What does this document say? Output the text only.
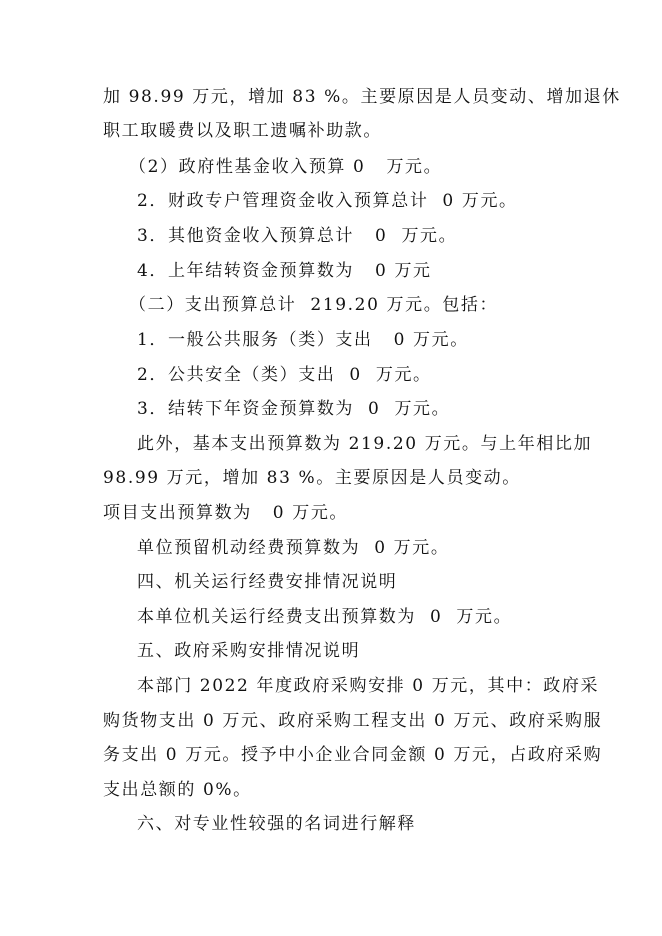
加 98.99 万元，增加 83 %。主要原因是人员变动、增加退休
职工取暖费以及职工遗嘱补助款。
（2）政府性基金收入预算 0   万元。
2．财政专户管理资金收入预算总计  0 万元。
3．其他资金收入预算总计   0  万元。
4．上年结转资金预算数为   0 万元
（二）支出预算总计  219.20 万元。包括：
1．一般公共服务（类）支出   0 万元。
2．公共安全（类）支出  0  万元。
3．结转下年资金预算数为  0  万元。
此外，基本支出预算数为 219.20 万元。与上年相比加
98.99 万元，增加 83 %。主要原因是人员变动。
项目支出预算数为   0 万元。
单位预留机动经费预算数为  0 万元。
四、机关运行经费安排情况说明
本单位机关运行经费支出预算数为  0  万元。
五、政府采购安排情况说明
本部门 2022 年度政府采购安排 0 万元，其中：政府采
购货物支出 0 万元、政府采购工程支出 0 万元、政府采购服
务支出 0 万元。授予中小企业合同金额 0 万元，占政府采购
支出总额的 0%。
六、对专业性较强的名词进行解释
